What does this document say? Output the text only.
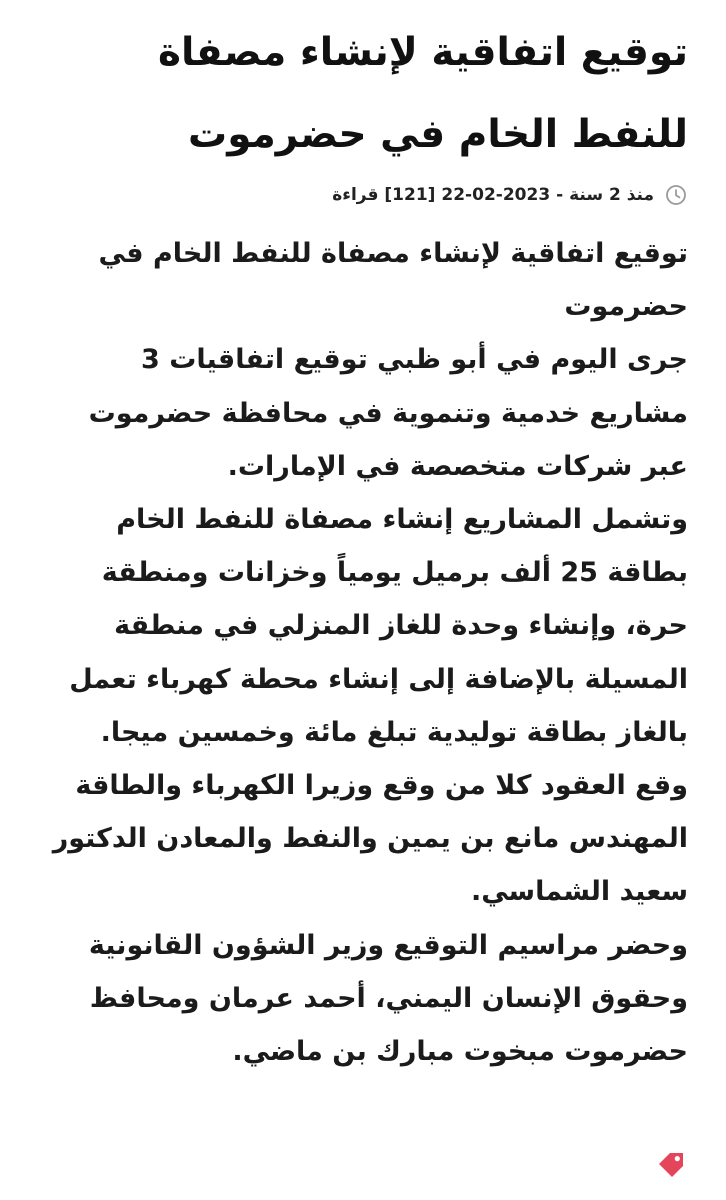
توقيع اتفاقية لإنشاء مصفاة للنفط الخام في حضرموت
منذ 2 سنة - 2023-02-22 [121] قراءة

توقيع اتفاقية لإنشاء مصفاة للنفط الخام في حضرموت

جرى اليوم في أبو ظبي توقيع اتفاقيات 3 مشاريع خدمية وتنموية في محافظة حضرموت عبر شركات متخصصة في الإمارات.

وتشمل المشاريع إنشاء مصفاة للنفط الخام بطاقة 25 ألف برميل يومياً وخزانات ومنطقة حرة، وإنشاء وحدة للغاز المنزلي في منطقة المسيلة بالإضافة إلى إنشاء محطة كهرباء تعمل بالغاز بطاقة توليدية تبلغ مائة وخمسين ميجا.

وقع العقود كلا من وقع وزيرا الكهرباء والطاقة المهندس مانع بن يمين والنفط والمعادن الدكتور سعيد الشماسي.

وحضر مراسيم التوقيع وزير الشؤون القانونية وحقوق الإنسان اليمني، أحمد عرمان ومحافظ حضرموت مبخوت مبارك بن ماضي.
